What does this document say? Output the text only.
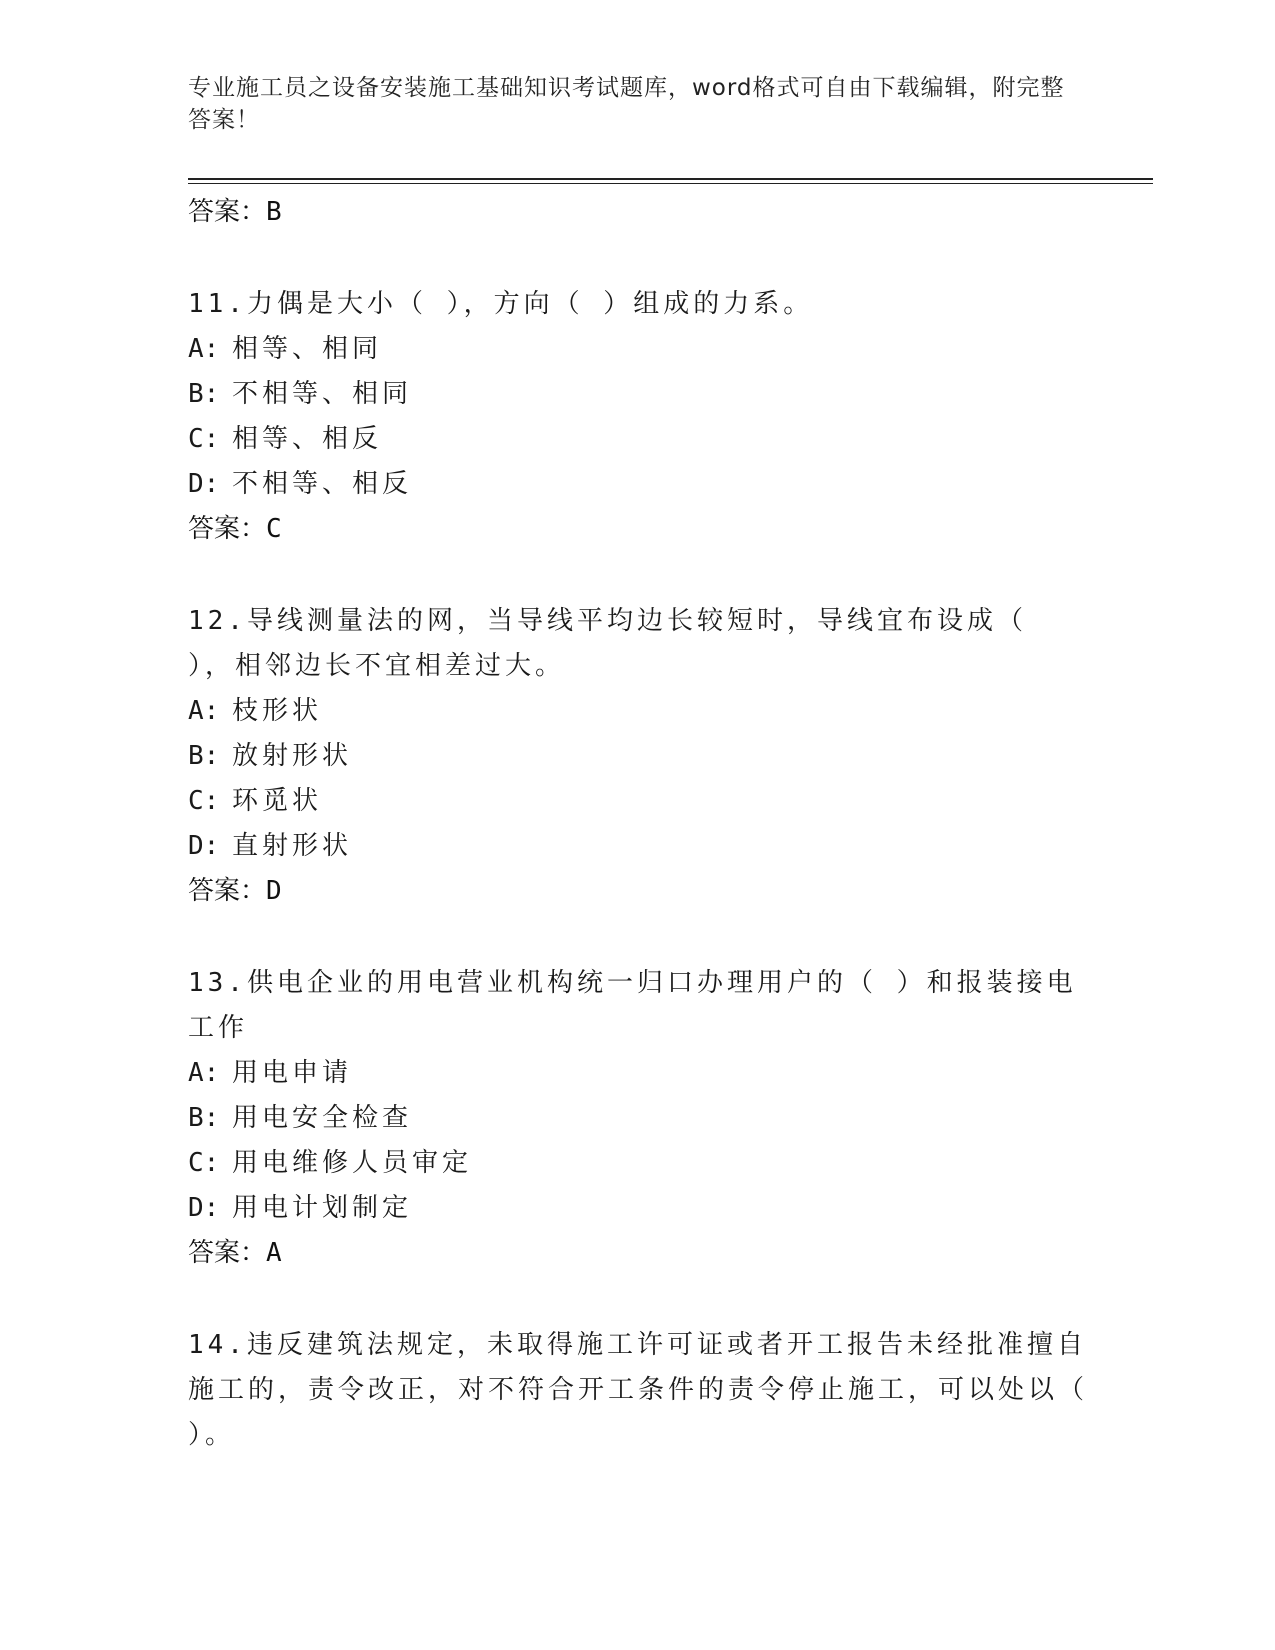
专业施工员之设备安装施工基础知识考试题库，word格式可自由下载编辑，附完整答案！
答案：B
11.力偶是大小（ ），方向（ ）组成的力系。
A: 相等、相同
B: 不相等、相同
C: 相等、相反
D: 不相等、相反
答案：C
12.导线测量法的网，当导线平均边长较短时，导线宜布设成（ ），相邻边长不宜相差过大。
A: 枝形状
B: 放射形状
C: 环觅状
D: 直射形状
答案：D
13.供电企业的用电营业机构统一归口办理用户的（ ）和报装接电工作
A: 用电申请
B: 用电安全检查
C: 用电维修人员审定
D: 用电计划制定
答案：A
14.违反建筑法规定，未取得施工许可证或者开工报告未经批准擅自施工的，责令改正，对不符合开工条件的责令停止施工，可以处以（ ）。
